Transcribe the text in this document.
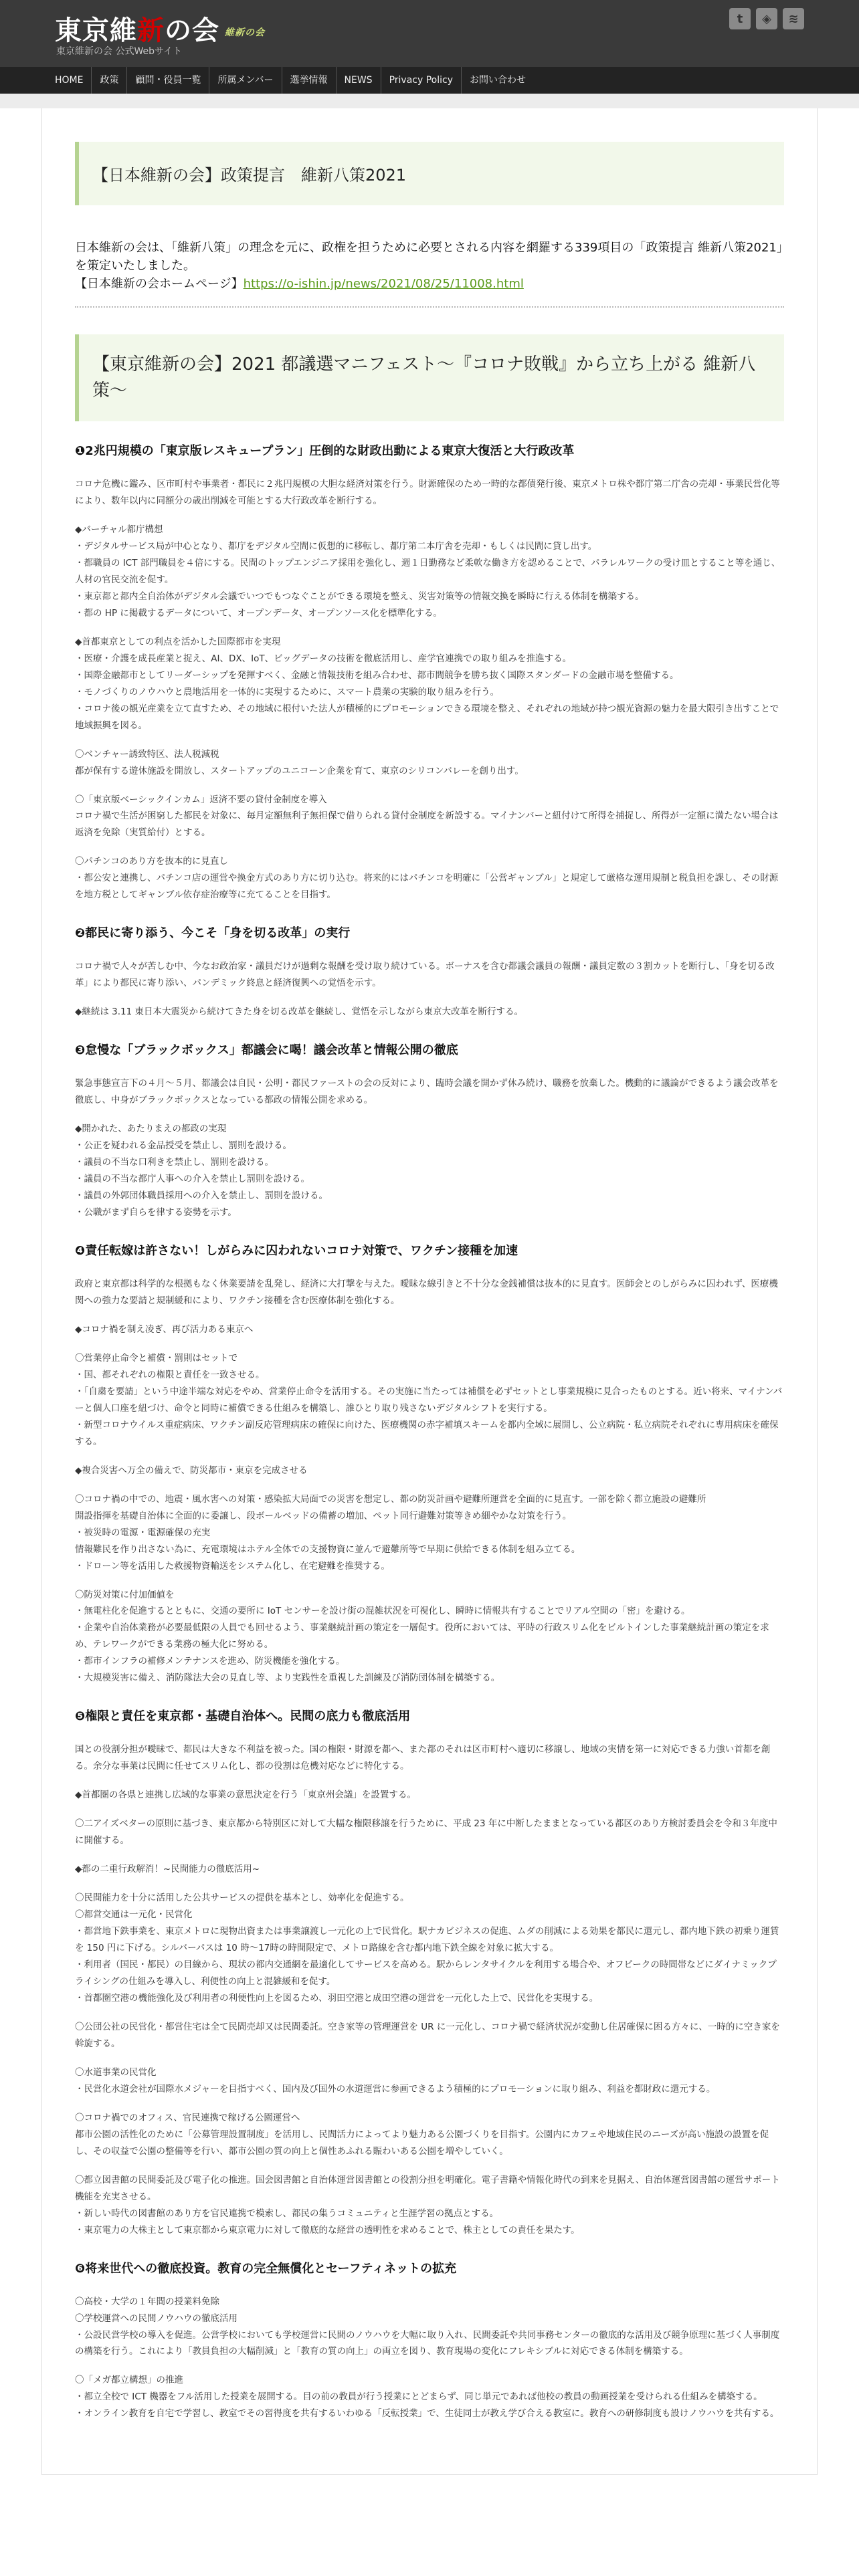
東京維新の会 維新の会
東京維新の会 公式Webサイト
t	◈	≋
HOME	政策	顧問・役員一覧	所属メンバー	選挙情報	NEWS	Privacy Policy	お問い合わせ
【日本維新の会】政策提言　維新八策2021
日本維新の会は、「維新八策」の理念を元に、政権を担うために必要とされる内容を網羅する339項目の「政策提言 維新八策2021」を策定いたしました。
【日本維新の会ホームページ】https://o-ishin.jp/news/2021/08/25/11008.html
【東京維新の会】2021 都議選マニフェスト〜『コロナ敗戦』から立ち上がる 維新八策〜
❶2兆円規模の「東京版レスキュープラン」圧倒的な財政出動による東京大復活と大行政改革
コロナ危機に鑑み、区市町村や事業者・都民に２兆円規模の大胆な経済対策を行う。財源確保のため一時的な都債発行後、東京メトロ株や都庁第二庁舎の売却・事業民営化等により、数年以内に同額分の歳出削減を可能とする大行政改革を断行する。
◆バーチャル都庁構想
・デジタルサービス局が中心となり、都庁をデジタル空間に仮想的に移転し、都庁第二本庁舎を売却・もしくは民間に貸し出す。
・都職員の ICT 部門職員を４倍にする。民間のトップエンジニア採用を強化し、週１日勤務など柔軟な働き方を認めることで、パラレルワークの受け皿とすること等を通じ、人材の官民交流を促す。
・東京都と都内全自治体がデジタル会議でいつでもつなぐことができる環境を整え、災害対策等の情報交換を瞬時に行える体制を構築する。
・都の HP に掲載するデータについて、オープンデータ、オープンソース化を標準化する。
◆首都東京としての利点を活かした国際都市を実現
・医療・介護を成長産業と捉え、AI、DX、IoT、ビッグデータの技術を徹底活用し、産学官連携での取り組みを推進する。
・国際金融都市としてリーダーシップを発揮すべく、金融と情報技術を組み合わせ、都市間競争を勝ち抜く国際スタンダードの金融市場を整備する。
・モノづくりのノウハウと農地活用を一体的に実現するために、スマート農業の実験的取り組みを行う。
・コロナ後の観光産業を立て直すため、その地域に根付いた法人が積極的にプロモーションできる環境を整え、それぞれの地域が持つ観光資源の魅力を最大限引き出すことで地域振興を図る。
〇ベンチャー誘致特区、法人税減税
都が保有する遊休施設を開放し、スタートアップのユニコーン企業を育て、東京のシリコンバレーを創り出す。
〇「東京版ベーシックインカム」返済不要の貸付金制度を導入
コロナ禍で生活が困窮した都民を対象に、毎月定額無利子無担保で借りられる貸付金制度を新設する。マイナンバーと紐付けて所得を捕捉し、所得が一定額に満たない場合は返済を免除（実質給付）とする。
〇パチンコのあり方を抜本的に見直し
・都公安と連携し、パチンコ店の運営や換金方式のあり方に切り込む。将来的にはパチンコを明確に「公営ギャンブル」と規定して厳格な運用規制と税負担を課し、その財源を地方税としてギャンブル依存症治療等に充てることを目指す。
❷都民に寄り添う、今こそ「身を切る改革」の実行
コロナ禍で人々が苦しむ中、今なお政治家・議員だけが過剰な報酬を受け取り続けている。ボーナスを含む都議会議員の報酬・議員定数の３割カットを断行し、「身を切る改革」により都民に寄り添い、パンデミック終息と経済復興への覚悟を示す。
◆継続は 3.11 東日本大震災から続けてきた身を切る改革を継続し、覚悟を示しながら東京大改革を断行する。
❸怠慢な「ブラックボックス」都議会に喝！議会改革と情報公開の徹底
緊急事態宣言下の４月〜５月、都議会は自民・公明・都民ファーストの会の反対により、臨時会議を開かず休み続け、職務を放棄した。機動的に議論ができるよう議会改革を徹底し、中身がブラックボックスとなっている都政の情報公開を求める。
◆開かれた、あたりまえの都政の実現
・公正を疑われる金品授受を禁止し、罰則を設ける。
・議員の不当な口利きを禁止し、罰則を設ける。
・議員の不当な都庁人事への介入を禁止し罰則を設ける。
・議員の外郭団体職員採用への介入を禁止し、罰則を設ける。
・公職がまず自らを律する姿勢を示す。
❹責任転嫁は許さない！しがらみに囚われないコロナ対策で、ワクチン接種を加速
政府と東京都は科学的な根拠もなく休業要請を乱発し、経済に大打撃を与えた。曖昧な線引きと不十分な金銭補償は抜本的に見直す。医師会とのしがらみに囚われず、医療機関への強力な要請と規制緩和により、ワクチン接種を含む医療体制を強化する。
◆コロナ禍を制え凌ぎ、再び活力ある東京へ
〇営業停止命令と補償・罰則はセットで
・国、都それぞれの権限と責任を一致させる。
・「自粛を要請」という中途半端な対応をやめ、営業停止命令を活用する。その実施に当たっては補償を必ずセットとし事業規模に見合ったものとする。近い将来、マイナンバーと個人口座を紐づけ、命令と同時に補償できる仕組みを構築し、誰ひとり取り残さないデジタルシフトを実行する。
・新型コロナウイルス重症病床、ワクチン副反応管理病床の確保に向けた、医療機関の赤字補填スキームを都内全域に展開し、公立病院・私立病院それぞれに専用病床を確保する。
◆複合災害へ万全の備えで、防災都市・東京を完成させる
〇コロナ禍の中での、地震・風水害への対策・感染拡大局面での災害を想定し、都の防災計画や避難所運営を全面的に見直す。一部を除く都立施設の避難所
開設指揮を基礎自治体に全面的に委譲し、段ボールベッドの備蓄の増加、ペット同行避難対策等きめ細やかな対策を行う。
・被災時の電源・電源確保の充実
情報難民を作り出さない為に、充電環境はホテル全体での支援物資に並んで避難所等で早期に供給できる体制を組み立てる。
・ドローン等を活用した救援物資輸送をシステム化し、在宅避難を推奨する。
〇防災対策に付加価値を
・無電柱化を促進するとともに、交通の要所に IoT センサーを設け街の混雑状況を可視化し、瞬時に情報共有することでリアル空間の「密」を避ける。
・企業や自治体業務が必要最低限の人員でも回せるよう、事業継続計画の策定を一層促す。役所においては、平時の行政スリム化をビルトインした事業継続計画の策定を求め、テレワークができる業務の極大化に努める。
・都市インフラの補修メンテナンスを進め、防災機能を強化する。
・大規模災害に備え、消防隊法大会の見直し等、より実践性を重視した訓練及び消防団体制を構築する。
❺権限と責任を東京都・基礎自治体へ。民間の底力も徹底活用
国との役割分担が曖昧で、都民は大きな不利益を被った。国の権限・財源を都へ、また都のそれは区市町村へ適切に移譲し、地域の実情を第一に対応できる力強い首都を創る。余分な事業は民間に任せてスリム化し、都の役割は危機対応などに特化する。
◆首都圏の各県と連携し広域的な事業の意思決定を行う「東京州会議」を設置する。
〇二アイズベターの原則に基づき、東京都から特別区に対して大幅な権限移譲を行うために、平成 23 年に中断したままとなっている都区のあり方検討委員会を令和３年度中に開催する。
◆都の二重行政解消！~民間能力の徹底活用~
〇民間能力を十分に活用した公共サービスの提供を基本とし、効率化を促進する。
〇都営交通は一元化・民営化
・都営地下鉄事業を、東京メトロに現物出資または事業譲渡し一元化の上で民営化。駅ナカビジネスの促進、ムダの削減による効果を都民に還元し、都内地下鉄の初乗り運賃を 150 円に下げる。シルバーパスは 10 時〜17時の時間限定で、メトロ路線を含む都内地下鉄全線を対象に拡大する。
・利用者（国民・都民）の目線から、現状の都内交通網を最適化してサービスを高める。駅からレンタサイクルを利用する場合や、オフピークの時間帯などにダイナミックプライシングの仕組みを導入し、利便性の向上と混雑緩和を促す。
・首都圏空港の機能強化及び利用者の利便性向上を図るため、羽田空港と成田空港の運営を一元化した上で、民営化を実現する。
〇公団公社の民営化・都営住宅は全て民間売却又は民間委託。空き家等の管理運営を UR に一元化し、コロナ禍で経済状況が変動し住居確保に困る方々に、一時的に空き家を斡旋する。
〇水道事業の民営化
・民営化水道会社が国際水メジャーを目指すべく、国内及び国外の水道運営に参画できるよう積極的にプロモーションに取り組み、利益を都財政に還元する。
〇コロナ禍でのオフィス、官民連携で稼げる公園運営へ
都市公園の活性化のために「公募管理設置制度」を活用し、民間活力によってより魅力ある公園づくりを目指す。公園内にカフェや地域住民のニーズが高い施設の設置を促し、その収益で公園の整備等を行い、都市公園の質の向上と個性あふれる賑わいある公園を増やしていく。
〇都立図書館の民間委託及び電子化の推進。国会図書館と自治体運営図書館との役割分担を明確化。電子書籍や情報化時代の到来を見据え、自治体運営図書館の運営サポート機能を充実させる。
・新しい時代の図書館のあり方を官民連携で模索し、都民の集うコミュニティと生涯学習の拠点とする。
・東京電力の大株主として東京都から東京電力に対して徹底的な経営の透明性を求めることで、株主としての責任を果たす。
❻将来世代への徹底投資。教育の完全無償化とセーフティネットの拡充
〇高校・大学の１年間の授業料免除
〇学校運営への民間ノウハウの徹底活用
・公設民営学校の導入を促進。公営学校においても学校運営に民間のノウハウを大幅に取り入れ、民間委託や共同事務センターの徹底的な活用及び競争原理に基づく人事制度の構築を行う。これにより「教員負担の大幅削減」と「教育の質の向上」の両立を図り、教育現場の変化にフレキシブルに対応できる体制を構築する。
〇「メガ都立構想」の推進
・都立全校で ICT 機器をフル活用した授業を展開する。目の前の教員が行う授業にとどまらず、同じ単元であれば他校の教員の動画授業を受けられる仕組みを構築する。
・オンライン教育を自宅で学習し、教室でその習得度を共有するいわゆる「反転授業」で、生徒同士が教え学び合える教室に。教育への研修制度も設けノウハウを共有する。
